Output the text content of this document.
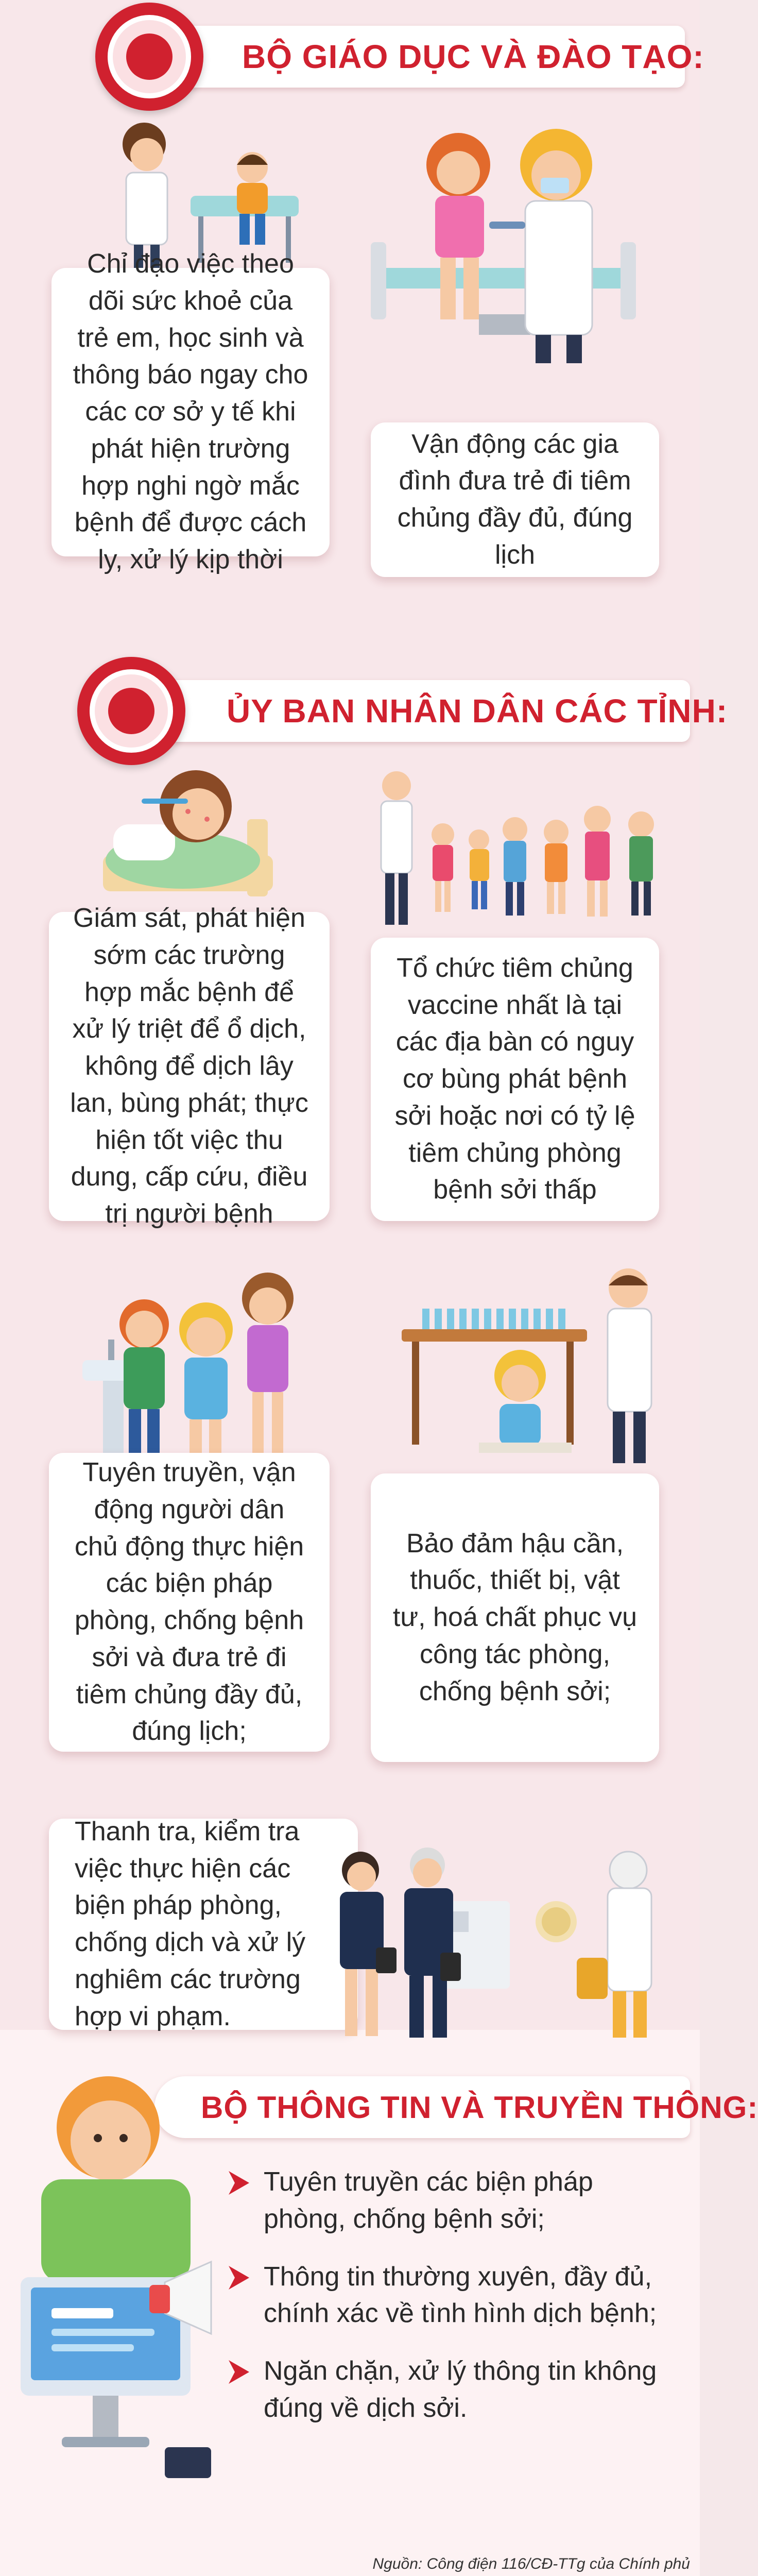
BỘ GIÁO DỤC VÀ ĐÀO TẠO:

Chỉ đạo việc theo dõi sức khoẻ của trẻ em, học sinh và thông báo ngay cho các cơ sở y tế khi phát hiện trường hợp nghi ngờ mắc bệnh để được cách ly, xử lý kịp thời

Vận động các gia đình đưa trẻ đi tiêm chủng đầy đủ, đúng lịch

ỦY BAN NHÂN DÂN CÁC TỈNH:

Giám sát, phát hiện sớm các trường hợp mắc bệnh để xử lý triệt để ổ dịch, không để dịch lây lan, bùng phát; thực hiện tốt việc thu dung, cấp cứu, điều trị người bệnh

Tổ chức tiêm chủng vaccine nhất là tại các địa bàn có nguy cơ bùng phát bệnh sởi hoặc nơi có tỷ lệ tiêm chủng phòng bệnh sởi thấp

Tuyên truyền, vận động người dân chủ động thực hiện các biện pháp phòng, chống bệnh sởi và đưa trẻ đi tiêm chủng đầy đủ, đúng lịch;

Bảo đảm hậu cần, thuốc, thiết bị, vật tư, hoá chất phục vụ công tác phòng, chống bệnh sởi;

Thanh tra, kiểm tra việc thực hiện các biện pháp phòng, chống dịch và xử lý nghiêm các trường hợp vi phạm.

BỘ THÔNG TIN VÀ TRUYỀN THÔNG:

Tuyên truyền các biện pháp phòng, chống bệnh sởi;

Thông tin thường xuyên, đầy đủ, chính xác về tình hình dịch bệnh;

Ngăn chặn, xử lý thông tin không đúng về dịch sởi.

Nguồn: Công điện 116/CĐ-TTg của Chính phủ
